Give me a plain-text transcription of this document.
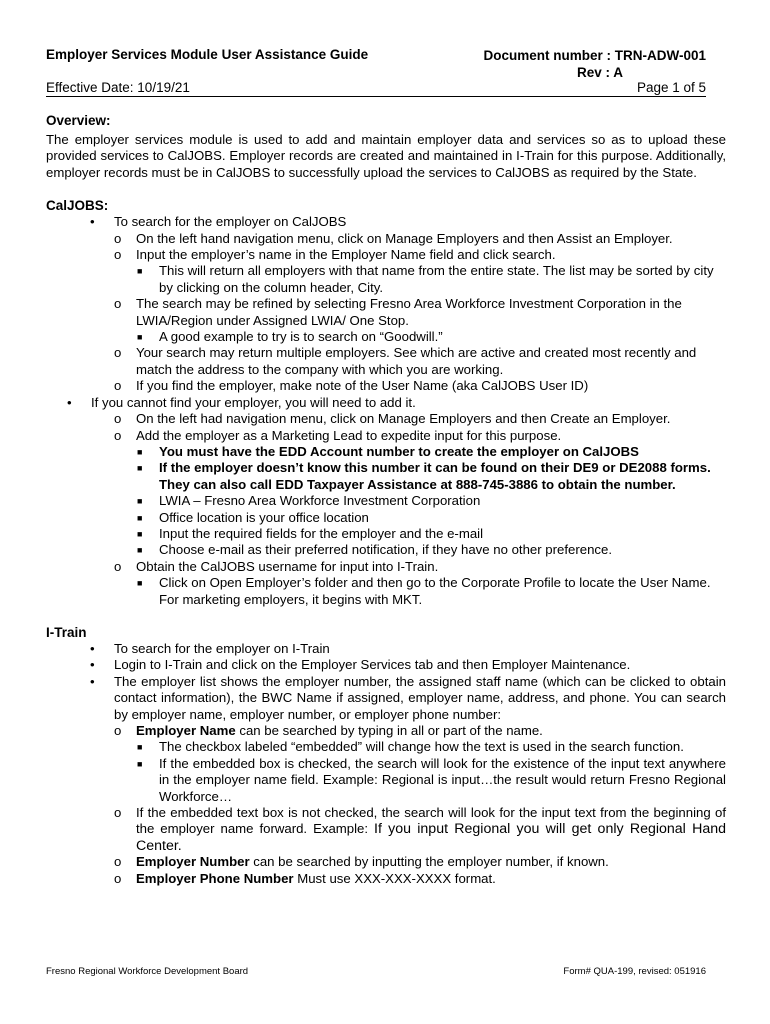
Employer Services Module User Assistance Guide	Document number : TRN-ADW-001
Rev : A
Effective Date: 10/19/21	Page 1 of 5
Overview:

The employer services module is used to add and maintain employer data and services so as to upload these provided services to CalJOBS. Employer records are created and maintained in I-Train for this purpose. Additionally, employer records must be in CalJOBS to successfully upload the services to CalJOBS as required by the State.

CalJOBS:
• To search for the employer on CalJOBS
o On the left hand navigation menu, click on Manage Employers and then Assist an Employer.
o Input the employer’s name in the Employer Name field and click search.
■ This will return all employers with that name from the entire state. The list may be sorted by city by clicking on the column header, City.
o The search may be refined by selecting Fresno Area Workforce Investment Corporation in the LWIA/Region under Assigned LWIA/ One Stop.
■ A good example to try is to search on “Goodwill.”
o Your search may return multiple employers. See which are active and created most recently and match the address to the company with which you are working.
o If you find the employer, make note of the User Name (aka CalJOBS User ID)
• If you cannot find your employer, you will need to add it.
o On the left had navigation menu, click on Manage Employers and then Create an Employer.
o Add the employer as a Marketing Lead to expedite input for this purpose.
■ You must have the EDD Account number to create the employer on CalJOBS
■ If the employer doesn’t know this number it can be found on their DE9 or DE2088 forms. They can also call EDD Taxpayer Assistance at 888-745-3886 to obtain the number.
■ LWIA – Fresno Area Workforce Investment Corporation
■ Office location is your office location
■ Input the required fields for the employer and the e-mail
■ Choose e-mail as their preferred notification, if they have no other preference.
o Obtain the CalJOBS username for input into I-Train.
■ Click on Open Employer’s folder and then go to the Corporate Profile to locate the User Name. For marketing employers, it begins with MKT.
I-Train
• To search for the employer on I-Train
• Login to I-Train and click on the Employer Services tab and then Employer Maintenance.
• The employer list shows the employer number, the assigned staff name (which can be clicked to obtain contact information), the BWC Name if assigned, employer name, address, and phone. You can search by employer name, employer number, or employer phone number:
o Employer Name can be searched by typing in all or part of the name.
■ The checkbox labeled “embedded” will change how the text is used in the search function.
■ If the embedded box is checked, the search will look for the existence of the input text anywhere in the employer name field. Example: Regional is input…the result would return Fresno Regional Workforce…
o If the embedded text box is not checked, the search will look for the input text from the beginning of the employer name forward. Example: If you input Regional you will get only Regional Hand Center.
o Employer Number can be searched by inputting the employer number, if known.
o Employer Phone Number Must use XXX-XXX-XXXX format.
Fresno Regional Workforce Development Board	Form# QUA-199, revised: 051916
